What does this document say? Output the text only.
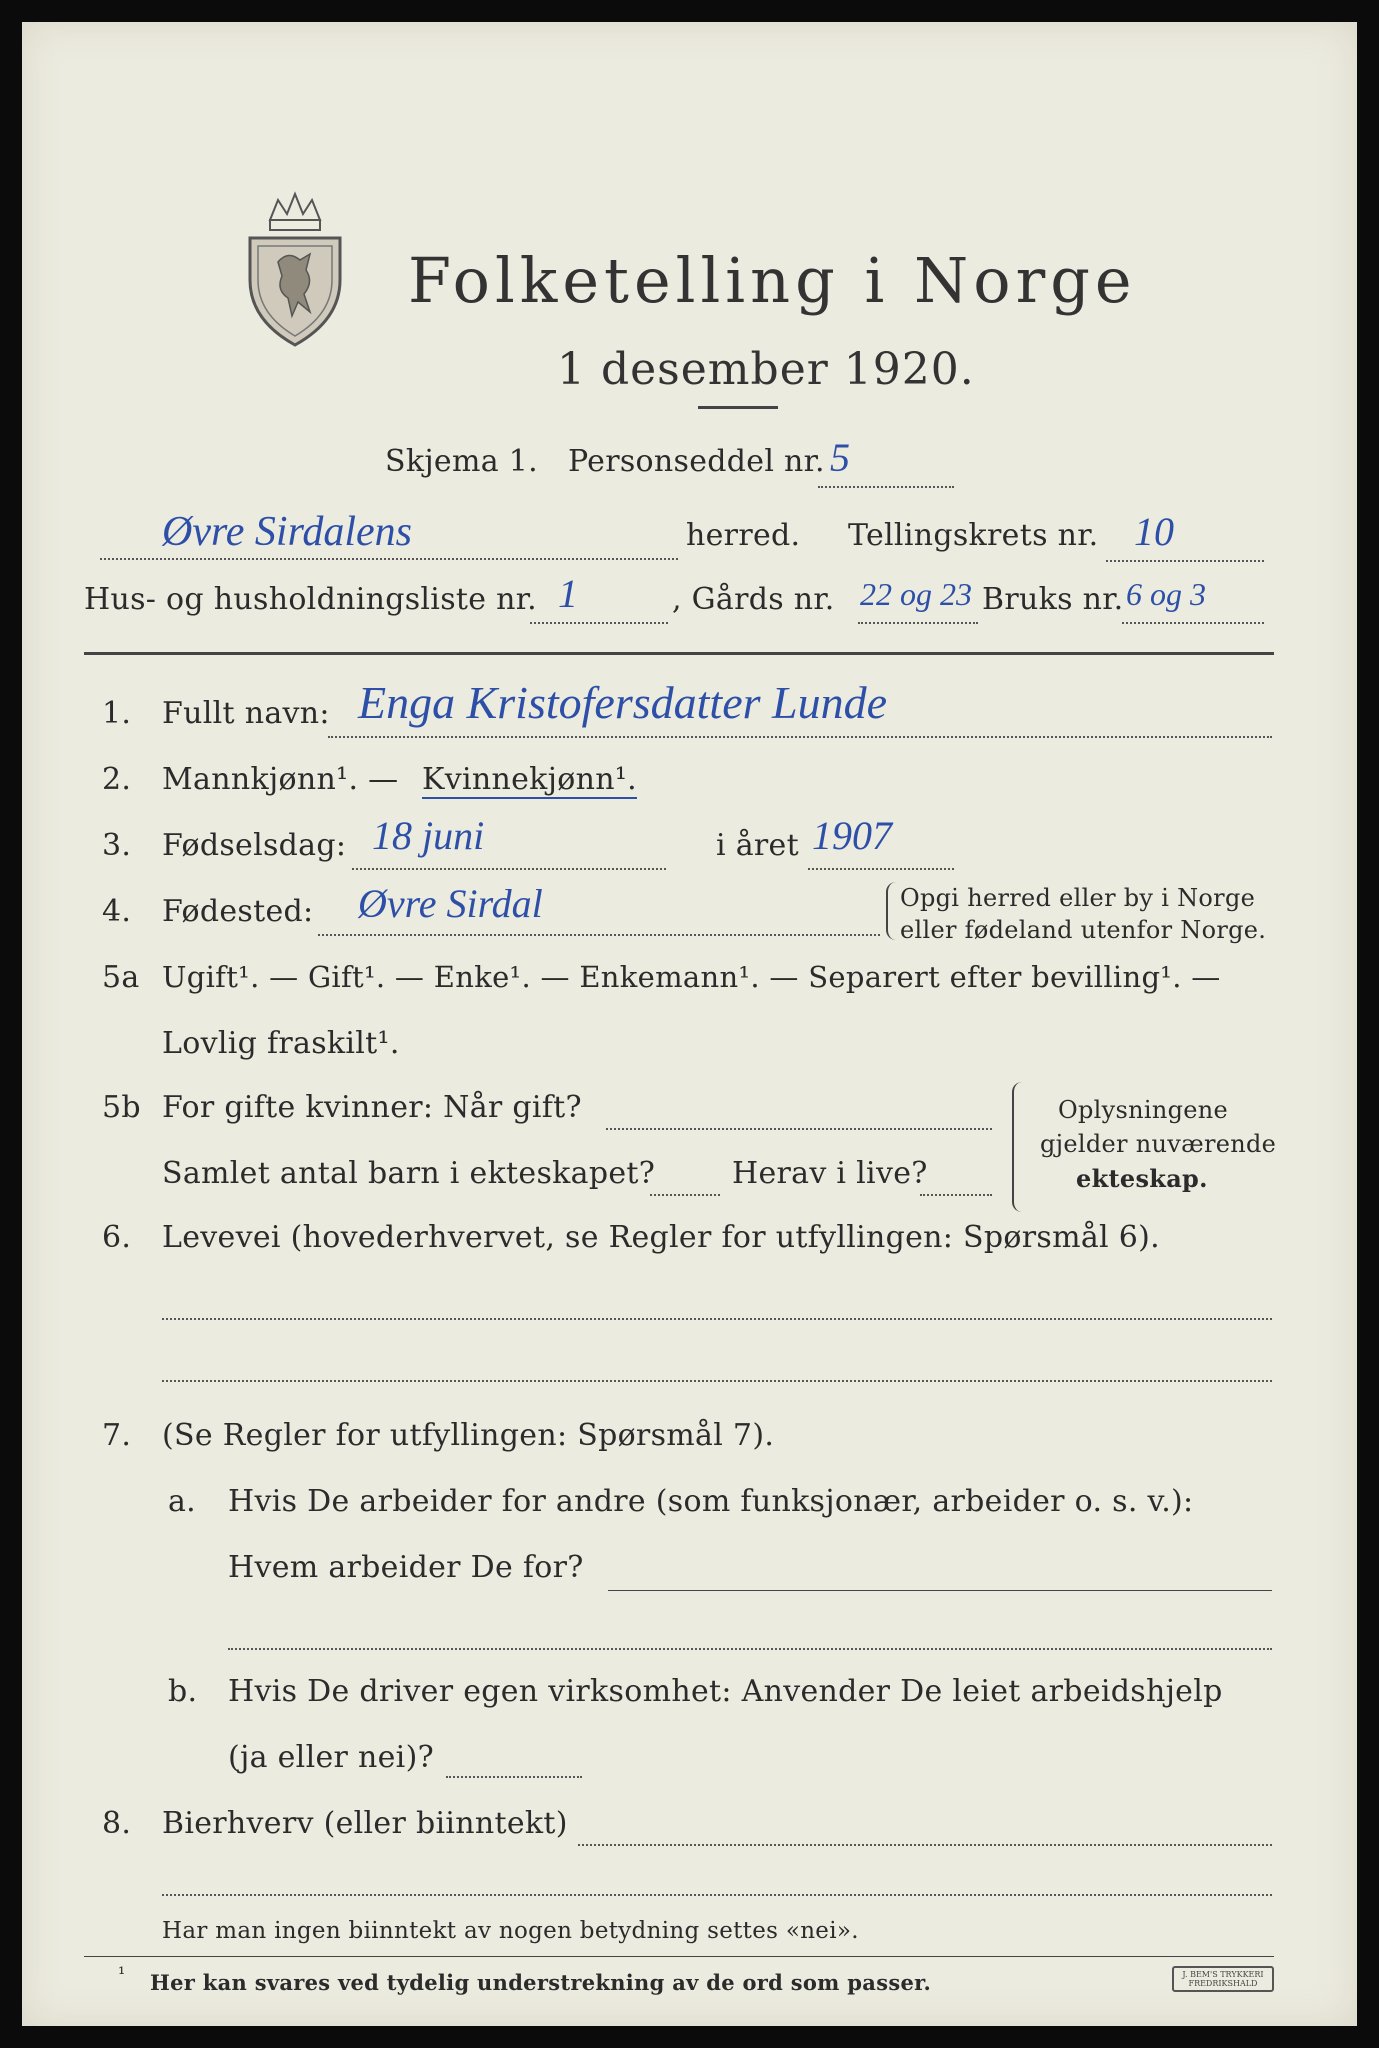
Folketelling i Norge
1 desember 1920.
Skjema 1. Personseddel nr. 5
Øvre Sirdalens	herred. Tellingskrets nr. 10
Hus- og husholdningsliste nr. 1	, Gårds nr. 22 og 23 Bruks nr. 6 og 3
1.	Fullt navn: Enga Kristofersdatter Lunde
2.	Mannkjønn¹. — Kvinnekjønn¹.
3.	Fødselsdag: 18 juni	i året 1907
4.	Fødested: Øvre Sirdal	Opgi herred eller by i Norge
eller fødeland utenfor Norge.
5a Ugift¹. — Gift¹. — Enke¹. — Enkemann¹. — Separert efter bevilling¹. —
Lovlig fraskilt¹.
5b For gifte kvinner: Når gift?
Samlet antal barn i ekteskapet?	Herav i live?
Oplysningene
gjelder nuværende
ekteskap.
6.	Levevei (hovederhvervet, se Regler for utfyllingen: Spørsmål 6).
7.	(Se Regler for utfyllingen: Spørsmål 7).
a. Hvis De arbeider for andre (som funksjonær, arbeider o. s. v.):
Hvem arbeider De for?
b. Hvis De driver egen virksomhet: Anvender De leiet arbeidshjelp
(ja eller nei)?
8.	Bierhverv (eller biinntekt)
Har man ingen biinntekt av nogen betydning settes «nei».
¹ Her kan svares ved tydelig understrekning av de ord som passer.	J. BEM'S TRYKKERI
FREDRIKSHALD
